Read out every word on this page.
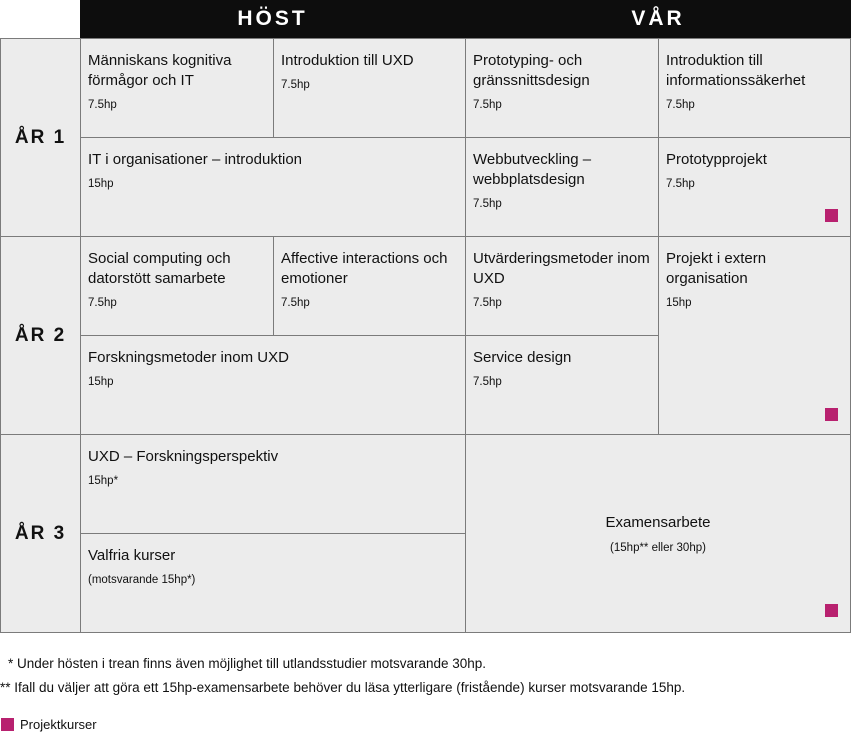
HÖST	VÅR
ÅR 1
ÅR 2
ÅR 3
Människans kognitiva förmågor och IT
7.5hp
Introduktion till UXD
7.5hp
Prototyping- och gränssnittsdesign
7.5hp
Introduktion till informationssäkerhet
7.5hp
IT i organisationer – introduktion
15hp
Webbutveckling – webbplatsdesign
7.5hp
Prototypprojekt
7.5hp
Social computing och datorstött samarbete
7.5hp
Affective interactions och emotioner
7.5hp
Utvärderingsmetoder inom UXD
7.5hp
Projekt i extern organisation
15hp
Forskningsmetoder inom UXD
15hp
Service design
7.5hp
UXD – Forskningsperspektiv
15hp*
Valfria kurser
(motsvarande 15hp*)
Examensarbete
(15hp** eller 30hp)
* Under hösten i trean finns även möjlighet till utlandsstudier motsvarande 30hp.
** Ifall du väljer att göra ett 15hp-examensarbete behöver du läsa ytterligare (fristående) kurser motsvarande 15hp.
Projektkurser
